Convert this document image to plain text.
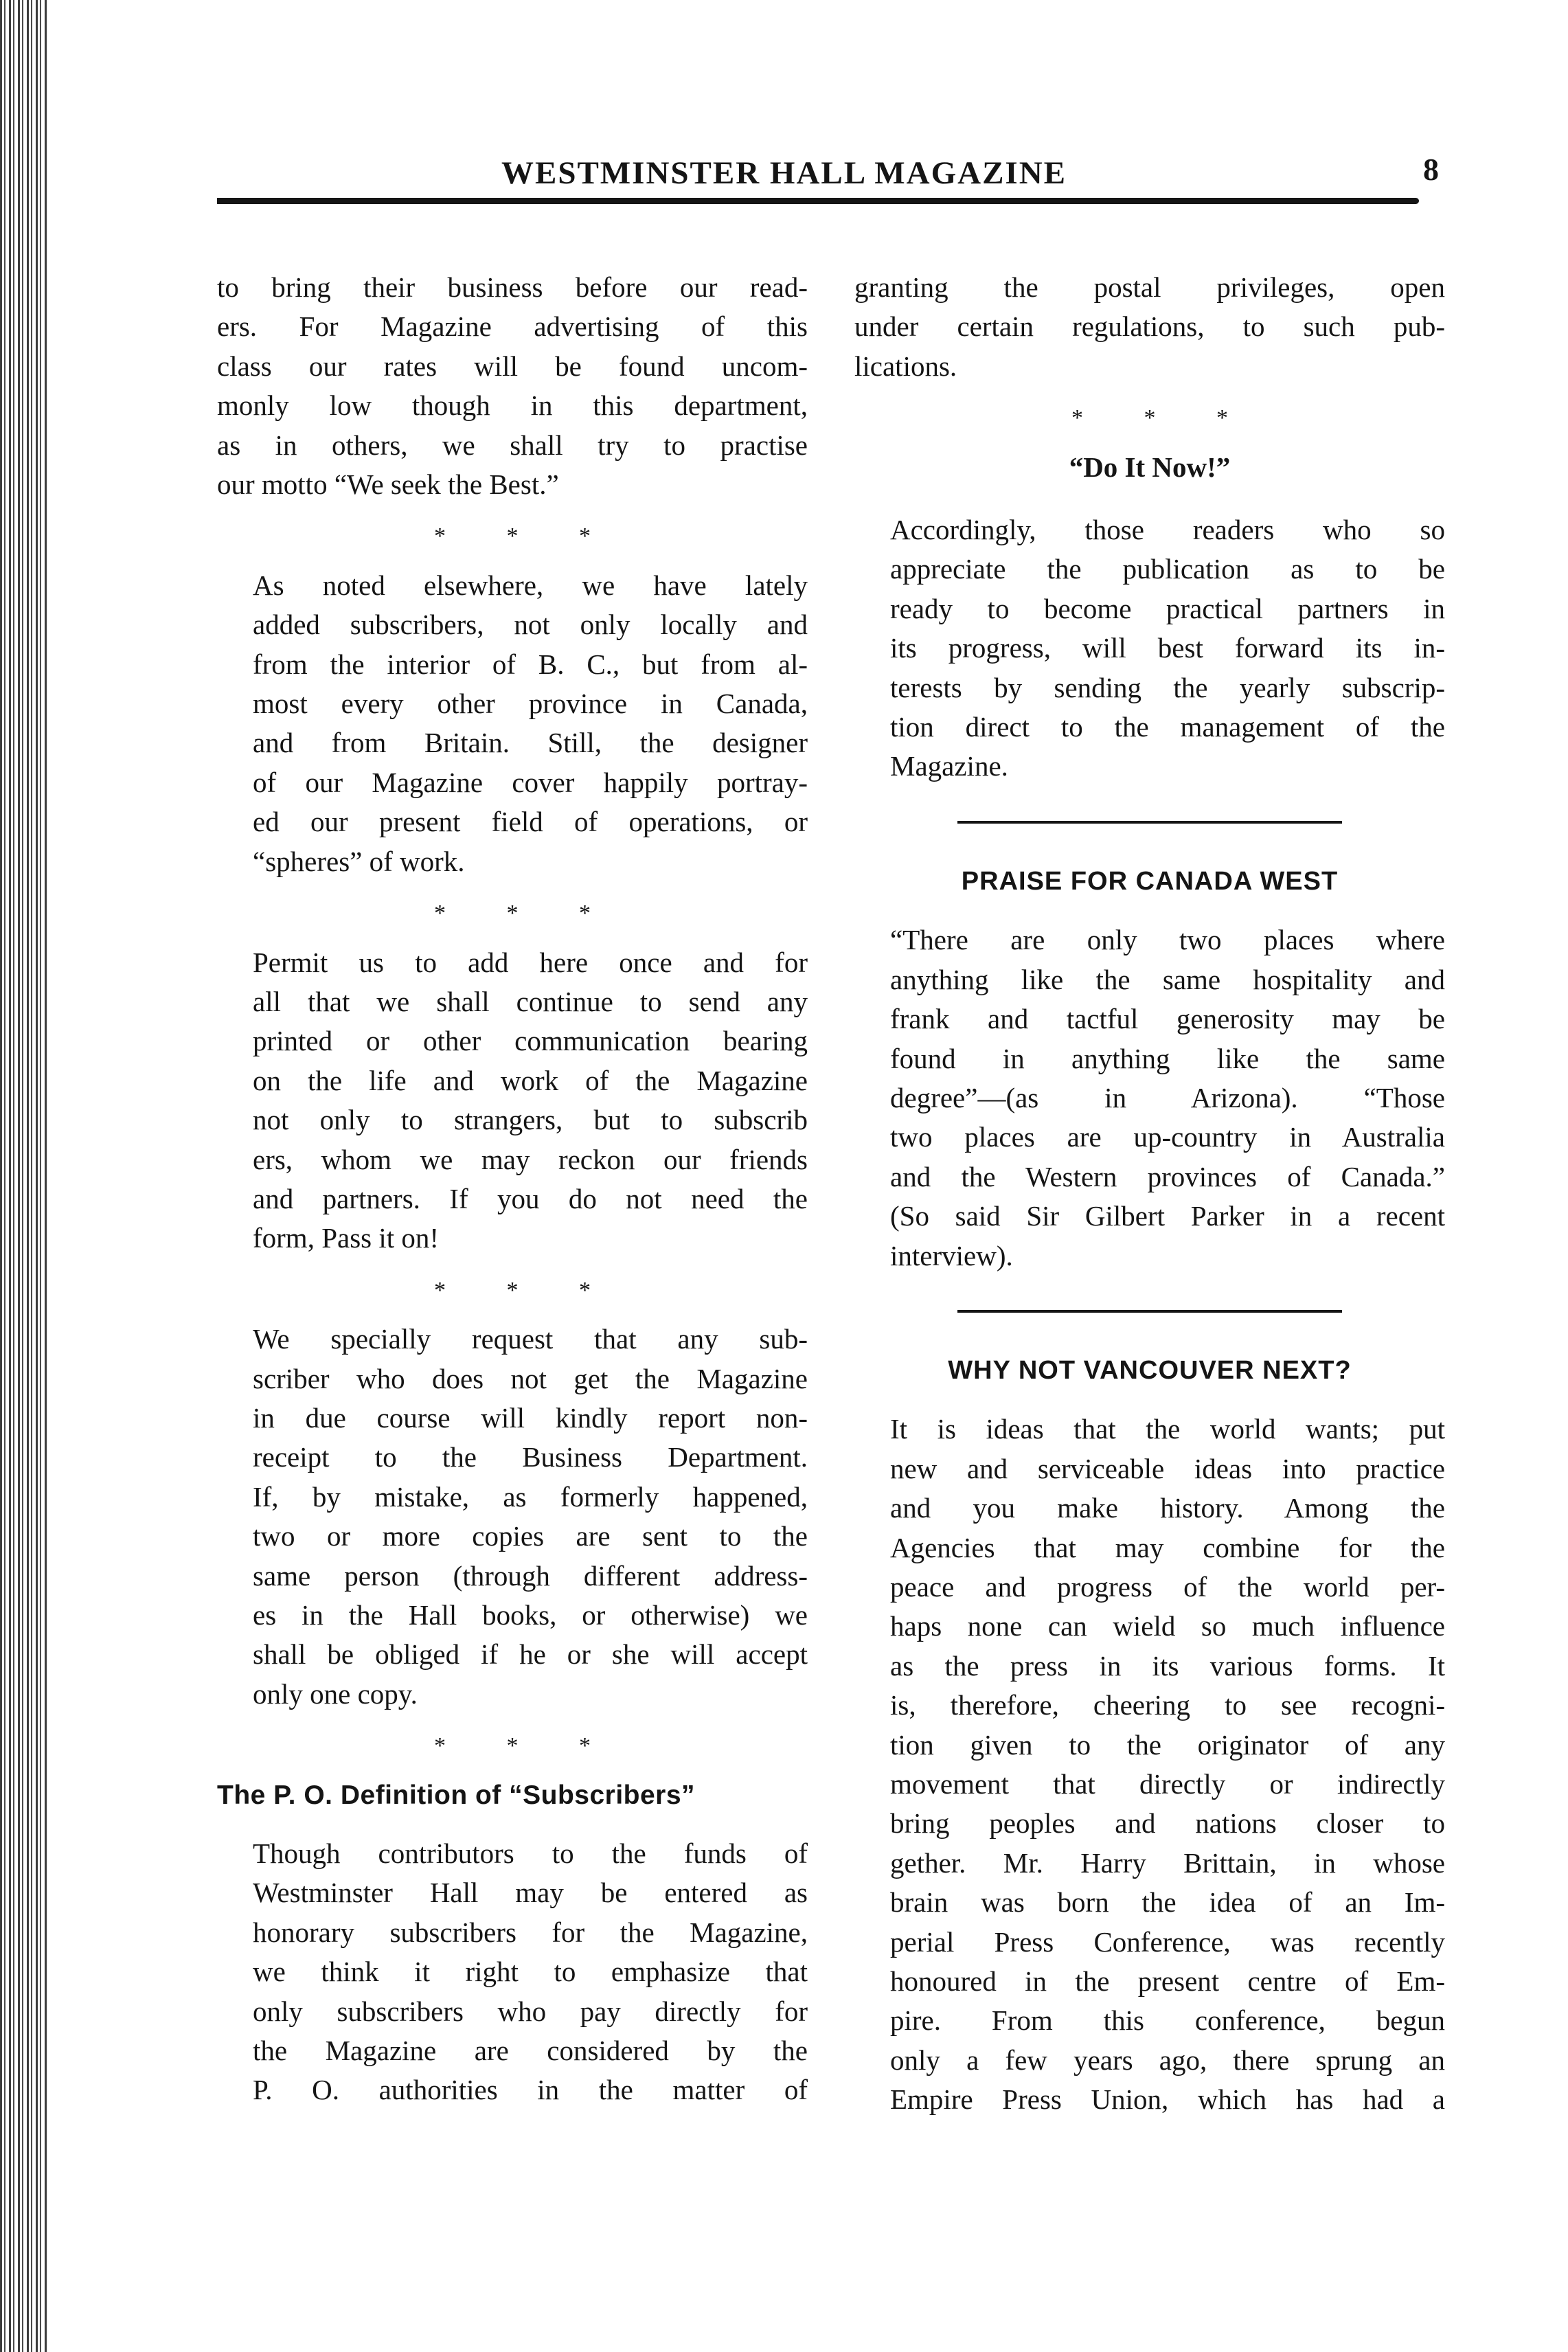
WESTMINSTER HALL MAGAZINE	8

to bring their business before our read-
ers. For Magazine advertising of this
class our rates will be found uncom-
monly low though in this department,
as in others, we shall try to practise
our motto “We seek the Best.”

* * *

As noted elsewhere, we have lately
added subscribers, not only locally and
from the interior of B. C., but from al-
most every other province in Canada,
and from Britain. Still, the designer
of our Magazine cover happily portray-
ed our present field of operations, or
“spheres” of work.

* * *

Permit us to add here once and for
all that we shall continue to send any
printed or other communication bearing
on the life and work of the Magazine
not only to strangers, but to subscrib
ers, whom we may reckon our friends
and partners. If you do not need the
form, Pass it on!

* * *

We specially request that any sub-
scriber who does not get the Magazine
in due course will kindly report non-
receipt to the Business Department.
If, by mistake, as formerly happened,
two or more copies are sent to the
same person (through different address-
es in the Hall books, or otherwise) we
shall be obliged if he or she will accept
only one copy.

* * *
The P. O. Definition of “Subscribers”

Though contributors to the funds of
Westminster Hall may be entered as
honorary subscribers for the Magazine,
we think it right to emphasize that
only subscribers who pay directly for
the Magazine are considered by the
P. O. authorities in the matter of

granting the postal privileges, open
under certain regulations, to such pub-
lications.

* * *
“Do It Now!”

Accordingly, those readers who so
appreciate the publication as to be
ready to become practical partners in
its progress, will best forward its in-
terests by sending the yearly subscrip-
tion direct to the management of the
Magazine.

PRAISE FOR CANADA WEST

“There are only two places where
anything like the same hospitality and
frank and tactful generosity may be
found in anything like the same
degree”—(as in Arizona). “Those
two places are up-country in Australia
and the Western provinces of Canada.”
(So said Sir Gilbert Parker in a recent
interview).

WHY NOT VANCOUVER NEXT?

It is ideas that the world wants; put
new and serviceable ideas into practice
and you make history. Among the
Agencies that may combine for the
peace and progress of the world per-
haps none can wield so much influence
as the press in its various forms. It
is, therefore, cheering to see recogni-
tion given to the originator of any
movement that directly or indirectly
bring peoples and nations closer to
gether. Mr. Harry Brittain, in whose
brain was born the idea of an Im-
perial Press Conference, was recently
honoured in the present centre of Em-
pire. From this conference, begun
only a few years ago, there sprung an
Empire Press Union, which has had a
